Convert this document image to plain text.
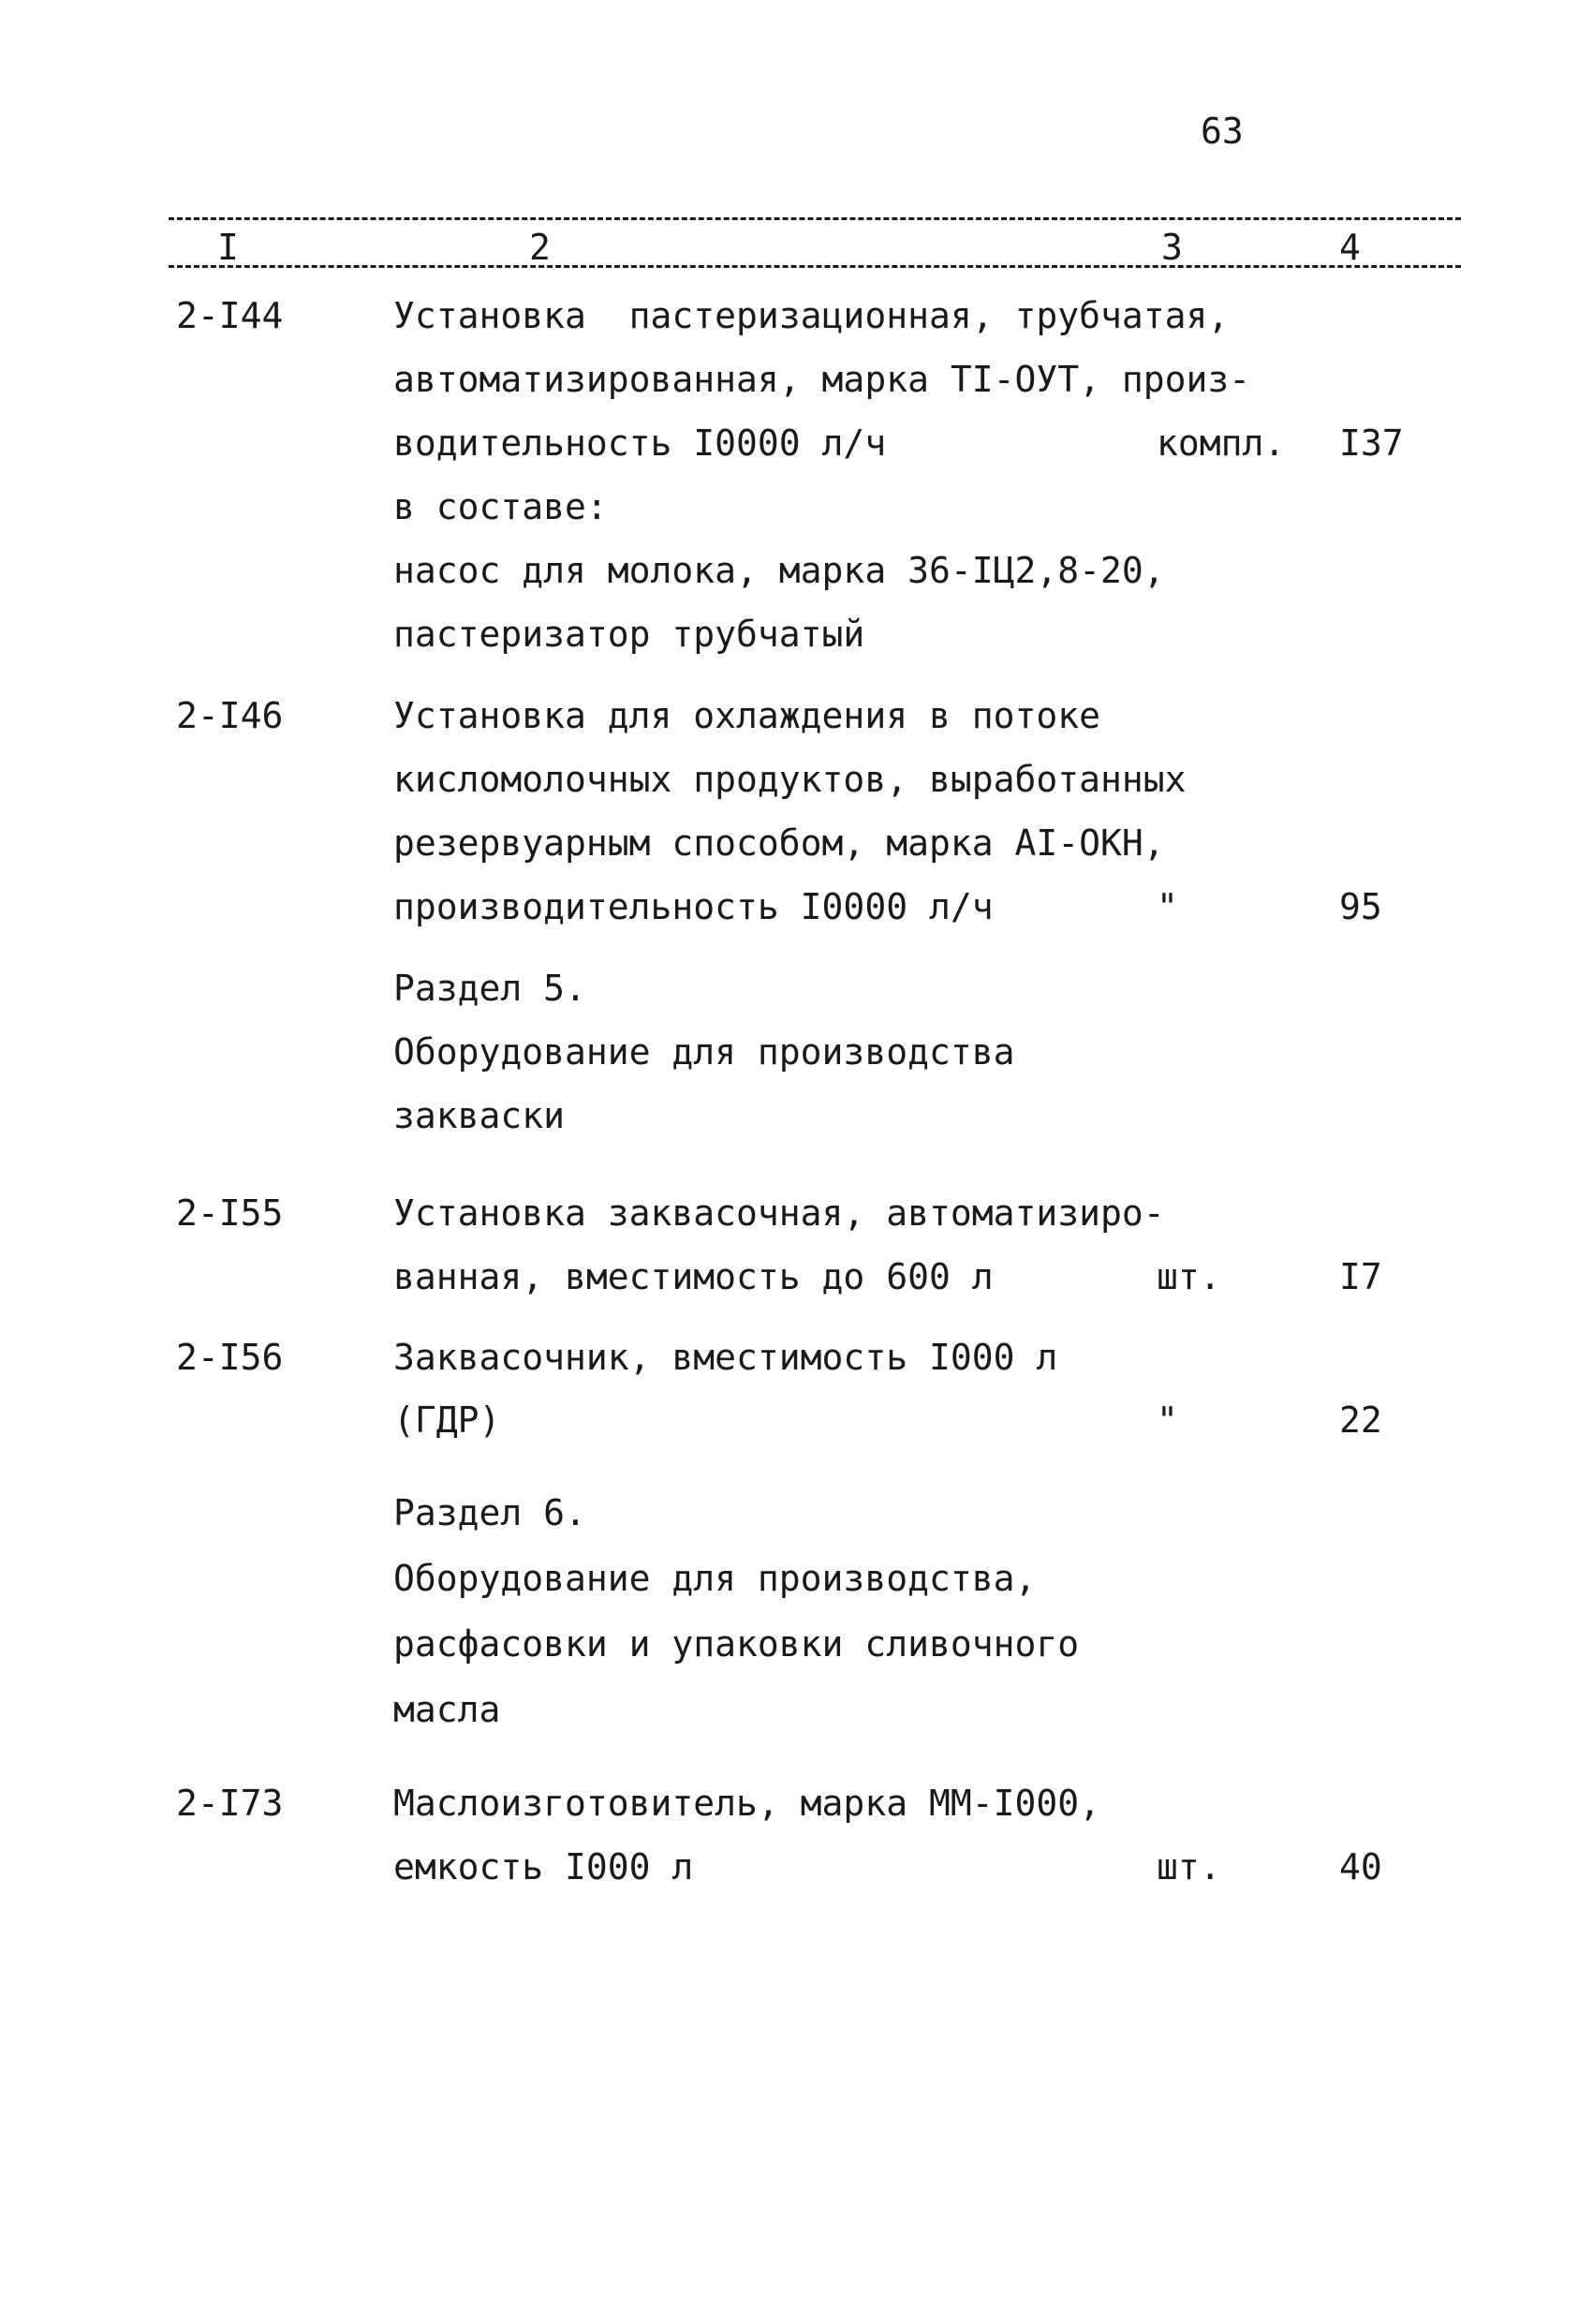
63
I	2	3	4
2-I44	Установка  пастеризационная, трубчатая,
автоматизированная, марка TI-ОУТ, произ-
водительность I0000 л/ч	компл. I37
в составе:
насос для молока, марка 36-IЦ2,8-20,
пастеризатор трубчатый
2-I46	Установка для охлаждения в потоке
кисломолочных продуктов, выработанных
резервуарным способом, марка AI-ОКН,
производительность I0000 л/ч	"	95
Раздел 5.
Оборудование для производства
закваски
2-I55	Установка заквасочная, автоматизиро-
ванная, вместимость до 600 л	шт.	I7
2-I56	Заквасочник, вместимость I000 л
(ГДР)	"	22
Раздел 6.
Оборудование для производства,
расфасовки и упаковки сливочного
масла
2-I73	Маслоизготовитель, марка ММ-I000,
емкость I000 л	шт.	40
